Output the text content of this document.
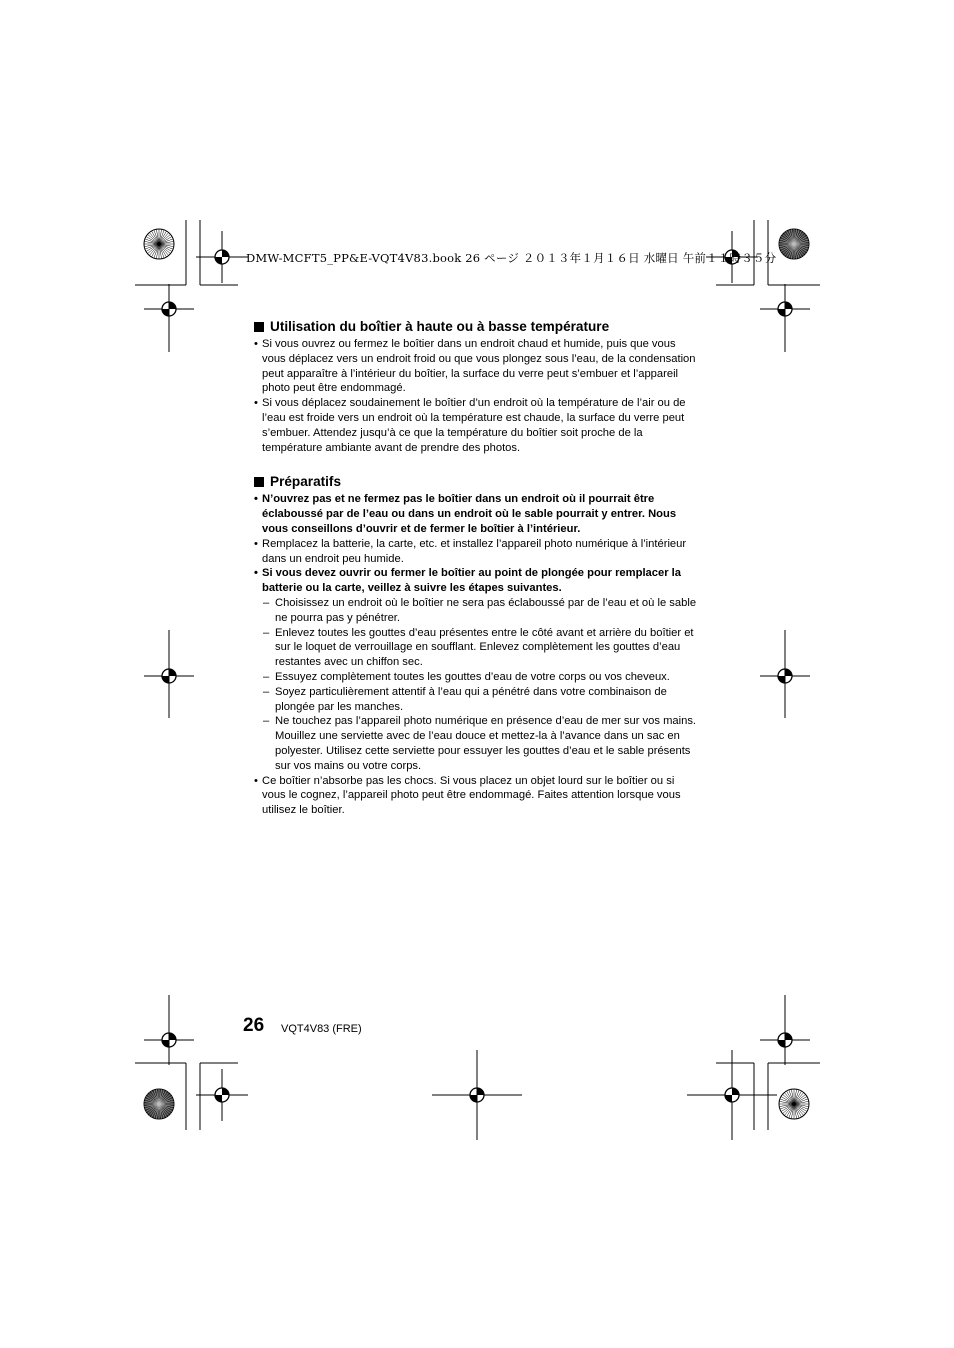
DMW-MCFT5_PP&E-VQT4V83.book 26 ページ ２０１３年１月１６日 水曜日 午前１１時３５分
Utilisation du boîtier à haute ou à basse température
• Si vous ouvrez ou fermez le boîtier dans un endroit chaud et humide, puis que vous vous déplacez vers un endroit froid ou que vous plongez sous l’eau, de la condensation peut apparaître à l’intérieur du boîtier, la surface du verre peut s’embuer et l’appareil photo peut être endommagé.
• Si vous déplacez soudainement le boîtier d’un endroit où la température de l’air ou de l’eau est froide vers un endroit où la température est chaude, la surface du verre peut s’embuer. Attendez jusqu’à ce que la température du boîtier soit proche de la température ambiante avant de prendre des photos.
Préparatifs
• N’ouvrez pas et ne fermez pas le boîtier dans un endroit où il pourrait être éclaboussé par de l’eau ou dans un endroit où le sable pourrait y entrer. Nous vous conseillons d’ouvrir et de fermer le boîtier à l’intérieur.
• Remplacez la batterie, la carte, etc. et installez l’appareil photo numérique à l’intérieur dans un endroit peu humide.
• Si vous devez ouvrir ou fermer le boîtier au point de plongée pour remplacer la batterie ou la carte, veillez à suivre les étapes suivantes.
– Choisissez un endroit où le boîtier ne sera pas éclaboussé par de l’eau et où le sable ne pourra pas y pénétrer.
– Enlevez toutes les gouttes d’eau présentes entre le côté avant et arrière du boîtier et sur le loquet de verrouillage en soufflant. Enlevez complètement les gouttes d’eau restantes avec un chiffon sec.
– Essuyez complètement toutes les gouttes d’eau de votre corps ou vos cheveux.
– Soyez particulièrement attentif à l’eau qui a pénétré dans votre combinaison de plongée par les manches.
– Ne touchez pas l’appareil photo numérique en présence d’eau de mer sur vos mains. Mouillez une serviette avec de l’eau douce et mettez-la à l’avance dans un sac en polyester. Utilisez cette serviette pour essuyer les gouttes d’eau et le sable présents sur vos mains ou votre corps.
• Ce boîtier n’absorbe pas les chocs. Si vous placez un objet lourd sur le boîtier ou si vous le cognez, l’appareil photo peut être endommagé. Faites attention lorsque vous utilisez le boîtier.
26 VQT4V83 (FRE)
